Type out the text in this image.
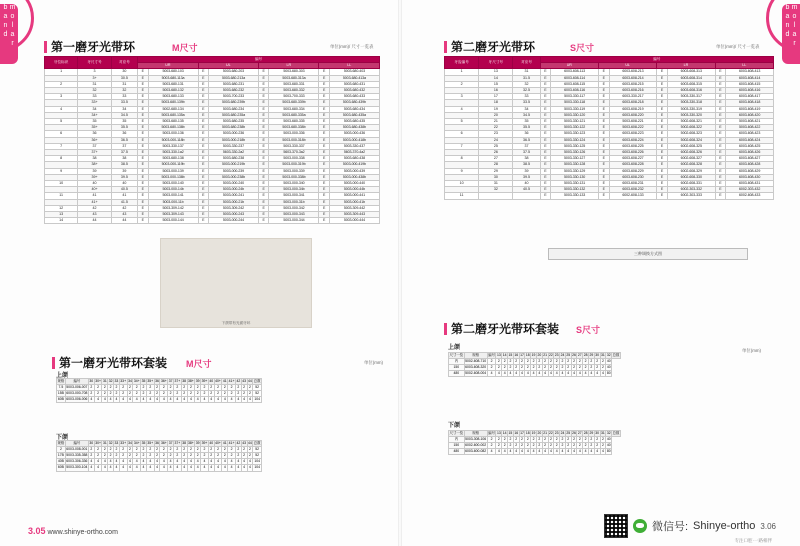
molar band	molar band
第一磨牙光带环	M尺寸	单位(mm)/ 尺寸一览表
牙位标识	牙尺寸号	对应号	编号							
			UR		UL		LR		LL	
1	3	30	E	5003-680-103	E	5003-680-203	E	5003-680-303	E	5003-680-403
	3+	30.5	E	5003-680-113a	E	5003-680-213a	E	5003-680-313a	E	5003-680-413a
2	31	31	E	5003-680-131	E	5003-680-231	E	5003-680-331	E	5003-680-431
	32	32	E	5003-680-132	E	5003-680-232	E	5003-680-332	E	5003-680-432
3	33	33	E	5003-680-133	E	5003-700-233	E	5003-700-333	E	5003-680-433
	33+	33.5	E	5003-680-139b	E	5003-680-239b	E	5003-680-339b	E	5003-680-439b
4	34	34	E	5002-680-134	E	5003-680-234	E	5003-680-334	E	5003-680-434
	34+	34.5	E	5003-680-135a	E	5003-680-235a	E	5003-680-335a	E	5003-680-435a
5	35	35	E	5003-680-135	E	5003-680-235	E	5003-680-335	E	5003-680-435
	35+	35.5	E	5003-680-138b	E	5003-680-238b	E	5003-680-338b	E	5003-680-438b
6	36	36	E	5003-000-136	E	5003-000-236	E	5003-000-336	E	5003-000-436
	36+	36.5	E	5003-000-118b	E	5003-000-218b	E	5003-000-318b	E	5003-000-418b
7	37	37	E	5003-330-137	E	5003-330-237	E	5003-330-337	E	5003-330-437
	37+	37.5	E	5003-330-1a2	E	5603-330-2a2	E	5603-370-3a2	E	5603-370-4a2
8	38	38	E	5003-680-138	E	5003-680-238	E	5003-000-338	E	5003-680-438
	38+	38.5	E	5003-000-119b	E	5003-000-219b	E	5003-000-319b	E	5003-000-419b
9	39	39	E	5003-000-139	E	5003-000-239	E	5003-000-339	E	5003-000-439
	39+	39.5	E	5003-000-138b	E	5003-000-238b	E	5003-000-338b	E	5003-000-438b
10	40	40	E	5003-000-140	E	5003-000-240	E	5003-000-340	E	5003-000-440
	40+	40.5	E	5003-000-14b	E	5003-000-24b	E	5003-000-34b	E	5003-000-44b
11	41	41	E	5003-000-141	E	5003-000-241	E	5003-000-341	E	5003-000-441
	41+	41.5	E	5003-000-11b	E	5003-000-21b	E	5003-000-31b	E	5003-000-41b
12	42	42	E	5003-309-142	E	5003-309-242	E	5003-000-342	E	5003-309-442
13	43	43	E	5003-309-143	E	5003-000-243	E	5003-000-343	E	5003-309-443
14	44	44	E	5003-000-144	E	5003-000-244	E	5003-000-344	E	5003-000-444
下颌带有光面牙环
第一磨牙光带环套装 M尺寸	单位(mm)
上颌
规格	编号	30	30+	31	32	33	33+	34	34+	35	35+	36	36+	37	37+	38	38+	39	39+	40	40+	41	41+	42	43	44	总数
7.5	5003-006-007	2	2	2	2	2	2	2	2	2	2	2	2	2	2	2	2	2	2	2	2	2	2	2	2	2	52
15B	6003-000-708	2	2	2	2	2	2	2	2	2	2	2	2	2	2	2	2	2	2	2	2	2	2	2	2	2	52
60B	6003-006-006	4	4	4	4	4	4	4	4	4	4	4	4	4	4	4	4	4	4	4	4	4	4	4	4	4	104
下颌
规格	编号	30	30+	31	32	33	33+	34	34+	35	35+	36	36+	37	37+	38	38+	39	39+	40	40+	41	41+	42	43	44	总数
2	6003-008-001	2	2	2	2	2	2	2	2	2	2	2	2	2	2	2	2	2	2	2	2	2	2	2	2	2	52
17B	5003-335-358	2	2	2	2	2	2	2	2	2	2	2	2	2	2	2	2	2	2	2	2	2	2	2	2	2	52
40B	6003-306-336	4	4	4	4	4	4	4	4	4	4	4	4	4	4	4	4	4	4	4	4	4	4	4	4	4	104
60B	5003-300-104	4	4	4	4	4	4	4	4	4	4	4	4	4	4	4	4	4	4	4	4	4	4	4	4	4	104
第二磨牙光带环	S尺寸	单位(mm)/ 尺寸一览表
牙齿编号	牙尺寸号	对应号	编号							
			UR		UL		LR		LL	
1	13	31	E	6003-608-113	E	6003-608-213	E	6003-608-313	E	6003-608-413
	14	31.5	E	6003-608-114	E	6003-608-214	E	6003-608-314	E	6003-608-414
2	15	32	E	6003-608-115	E	6003-608-215	E	6003-608-315	E	6003-608-415
	16	32.5	E	6003-608-116	E	6003-608-216	E	6003-608-316	E	6003-608-416
3	17	33	E	5003-330-117	E	6003-330-217	E	5003-330-317	E	6003-608-417
	18	33.5	E	5003-330-118	E	6003-608-218	E	5003-330-318	E	6003-608-418
4	19	34	E	5003-330-119	E	6003-608-219	E	5003-330-319	E	6003-608-419
	20	34.5	E	5003-330-120	E	6003-608-220	E	5003-330-320	E	6003-608-420
5	21	35	E	5003-330-121	E	5003-608-221	E	5002-608-321	E	5003-608-421
	22	35.5	E	5003-330-122	E	5003-608-222	E	5002-608-322	E	5003-608-422
6	23	36	E	5003-330-123	E	6003-608-223	E	5002-608-323	E	6003-608-423
	24	36.5	E	5003-330-124	E	6003-608-224	E	5002-608-324	E	6003-608-424
7	25	37	E	5003-330-125	E	6003-608-225	E	6002-608-325	E	6003-608-425
	26	37.5	E	5003-330-126	E	6003-608-226	E	6002-608-326	E	6003-608-426
8	27	38	E	5003-330-127	E	6003-608-227	E	6002-608-327	E	6003-608-427
	28	38.5	E	5003-330-128	E	6003-608-228	E	6002-608-328	E	6003-608-428
9	29	39	E	5003-330-129	E	6003-608-229	E	6002-608-329	E	6003-608-429
	30	39.5	E	5003-330-130	E	6003-608-230	E	6002-608-330	E	6003-608-430
10	31	40	E	5003-330-131	E	6003-608-231	E	6002-608-331	E	6003-608-431
	32	40.5	E	5003-330-132	E	6003-608-232	E	6002-303-332	E	6002-303-432
11			E	5003-330-133	E	6002-608-133	E	6002-303-333	E	6002-608-433
三种调换方式图
第二磨牙光带环套装 S尺寸
单位(mm)
上颌
尺寸一览	规格	编号	13	14	15	16	17	18	19	20	21	22	23	24	25	26	27	28	29	30	31	32	总数
内	5002-608-710	2	2	2	2	2	2	2	2	2	2	2	2	2	2	2	2	2	2	2	2	40	
150	6003-608-320	2	2	2	2	2	2	2	2	2	2	2	2	2	2	2	2	2	2	2	2	40	
480	5002-608-004	4	4	4	4	4	4	4	4	4	4	4	4	4	4	4	4	4	4	4	4	80	
下颌
尺寸一览	规格	编号	13	14	15	16	17	18	19	20	21	22	23	24	25	26	27	28	29	30	31	32	总数
内	5003-308-106	2	2	2	2	2	2	2	2	2	2	2	2	2	2	2	2	2	2	2	2	40	
150	6002-600-002	2	2	2	2	2	2	2	2	2	2	2	2	2	2	2	2	2	2	2	2	40	
480	6003-600-082	4	4	4	4	4	4	4	4	4	4	4	4	4	4	4	4	4	4	4	4	80	
3.05 www.shinye-ortho.com	微信号: Shinye-ortho 3.06
专注口腔·一路相伴
